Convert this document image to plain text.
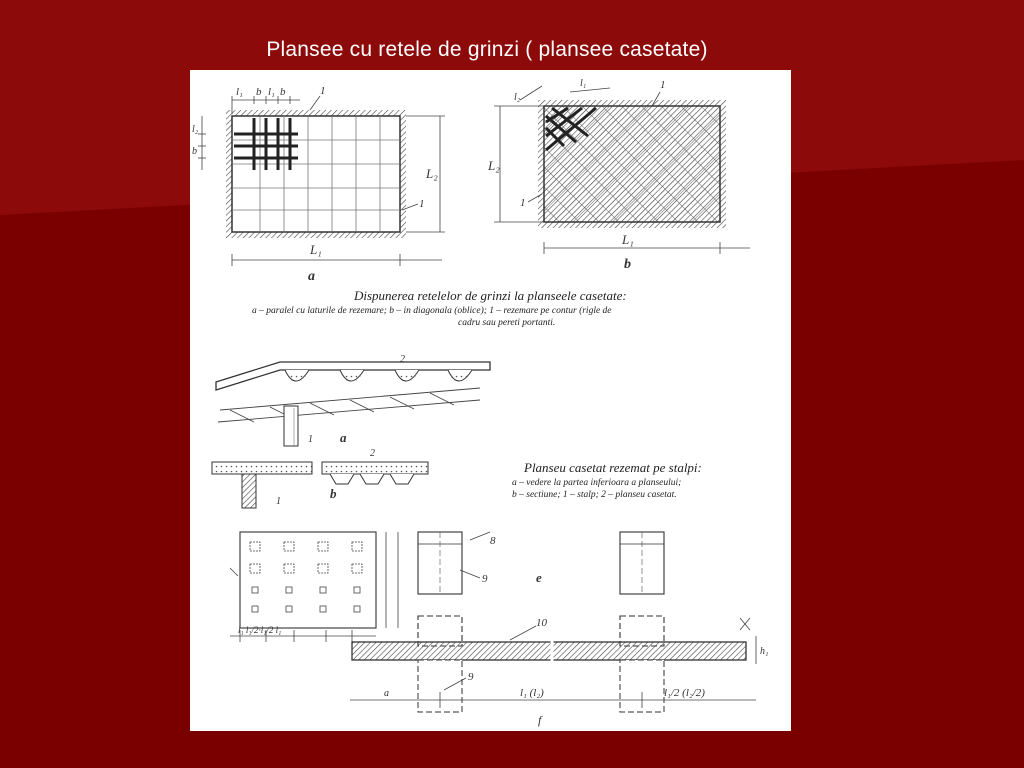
Plansee cu retele de grinzi ( plansee casetate)
l₁ b l₁ b
l₂
b
L₂
L₁
1
1
a
L₂
L₁
l₂
l₁	1
1
b
2
1 a
2
1
b
l₁ l₁/2·l₁/2 l₁
e
f
a
8
9
9
10
l₁ (l₂)	l₁/2 (l₂/2)
h₁
Dispunerea retelelor de grinzi la planseele casetate:
a – paralel cu laturile de rezemare; b – in diagonala (oblice); 1 – rezemare pe contur (rigle de
cadru sau pereti portanti.
Planseu casetat rezemat pe stalpi:
a – vedere la partea inferioara a planseului;
b – sectiune; 1 – stalp; 2 – planseu casetat.
